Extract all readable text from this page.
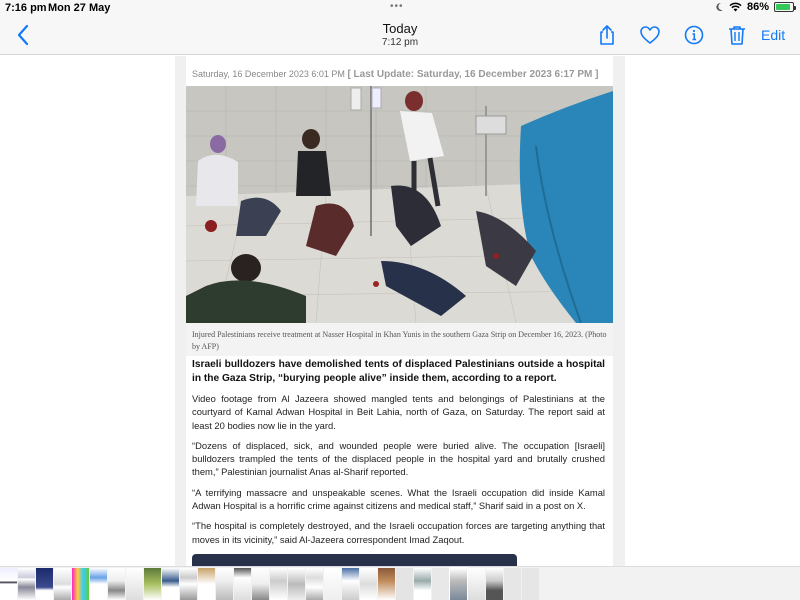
7:16 pm Mon 27 May	•••	86%
Today
7:12 pm	Edit
Saturday, 16 December 2023 6:01 PM [ Last Update: Saturday, 16 December 2023 6:17 PM ]
Injured Palestinians receive treatment at Nasser Hospital in Khan Yunis in the southern Gaza Strip on December 16, 2023. (Photo by AFP)

Israeli bulldozers have demolished tents of displaced Palestinians outside a hospital in the Gaza Strip, “burying people alive” inside them, according to a report.

Video footage from Al Jazeera showed mangled tents and belongings of Palestinians at the courtyard of Kamal Adwan Hospital in Beit Lahia, north of Gaza, on Saturday. The report said at least 20 bodies now lie in the yard.

“Dozens of displaced, sick, and wounded people were buried alive. The occupation [Israeli] bulldozers trampled the tents of the displaced people in the hospital yard and brutally crushed them,” Palestinian journalist Anas al-Sharif reported.

“A terrifying massacre and unspeakable scenes. What the Israeli occupation did inside Kamal Adwan Hospital is a horrific crime against citizens and medical staff,” Sharif said in a post on X.

“The hospital is completely destroyed, and the Israeli occupation forces are targeting anything that moves in its vicinity,” said Al-Jazeera correspondent Imad Zaqout.
